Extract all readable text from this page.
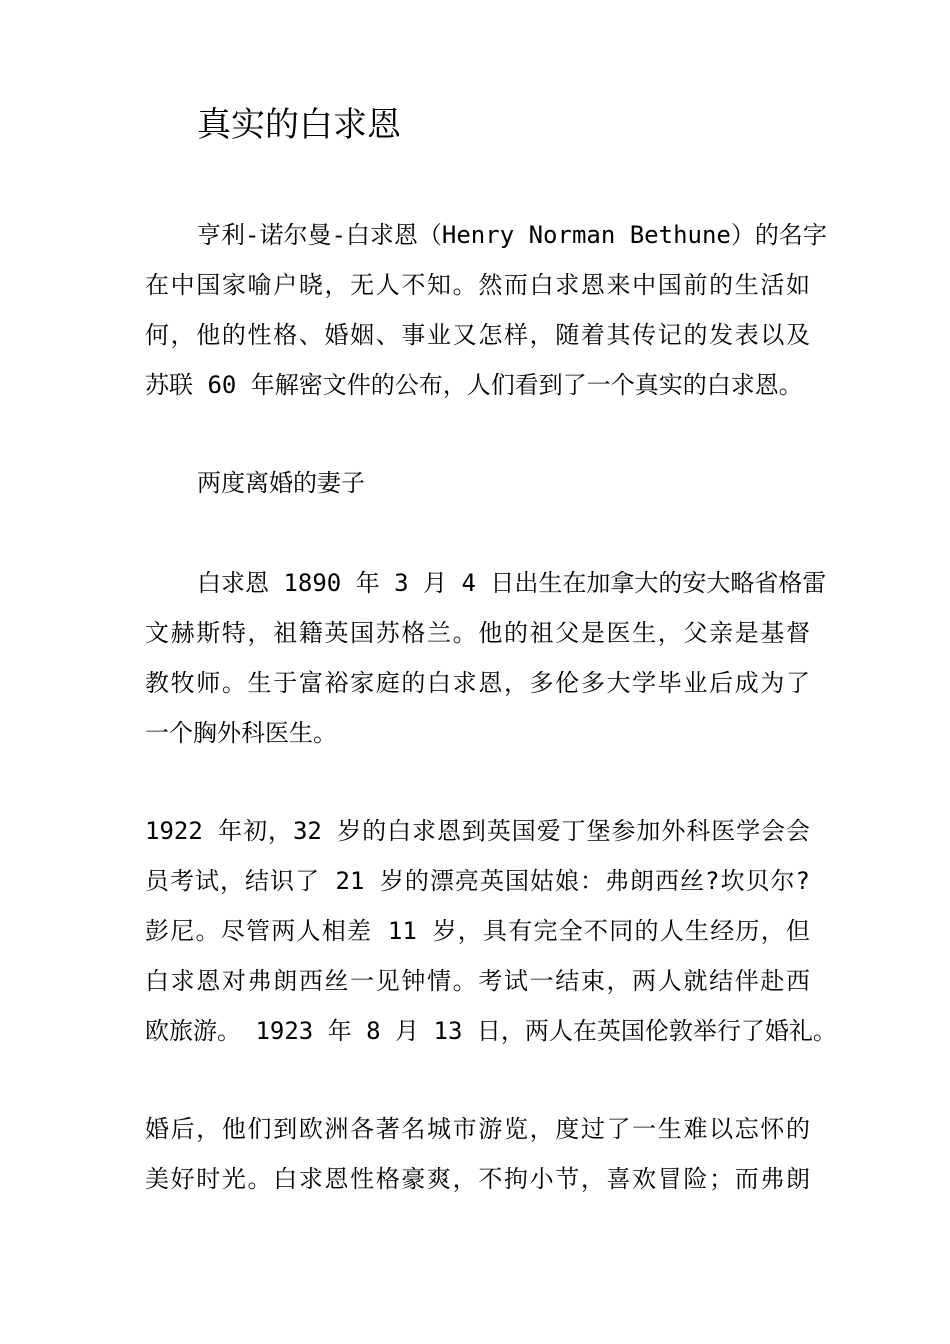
真实的白求恩
亨利-诺尔曼-白求恩（Henry Norman Bethune）的名字
在中国家喻户晓，无人不知。然而白求恩来中国前的生活如
何，他的性格、婚姻、事业又怎样，随着其传记的发表以及
苏联 60 年解密文件的公布，人们看到了一个真实的白求恩。
两度离婚的妻子
白求恩 1890 年 3 月 4 日出生在加拿大的安大略省格雷
文赫斯特，祖籍英国苏格兰。他的祖父是医生，父亲是基督
教牧师。生于富裕家庭的白求恩，多伦多大学毕业后成为了
一个胸外科医生。
1922 年初，32 岁的白求恩到英国爱丁堡参加外科医学会会
员考试，结识了 21 岁的漂亮英国姑娘：弗朗西丝?坎贝尔?
彭尼。尽管两人相差 11 岁，具有完全不同的人生经历，但
白求恩对弗朗西丝一见钟情。考试一结束，两人就结伴赴西
欧旅游。 1923 年 8 月 13 日，两人在英国伦敦举行了婚礼。
婚后，他们到欧洲各著名城市游览，度过了一生难以忘怀的
美好时光。白求恩性格豪爽，不拘小节，喜欢冒险；而弗朗
